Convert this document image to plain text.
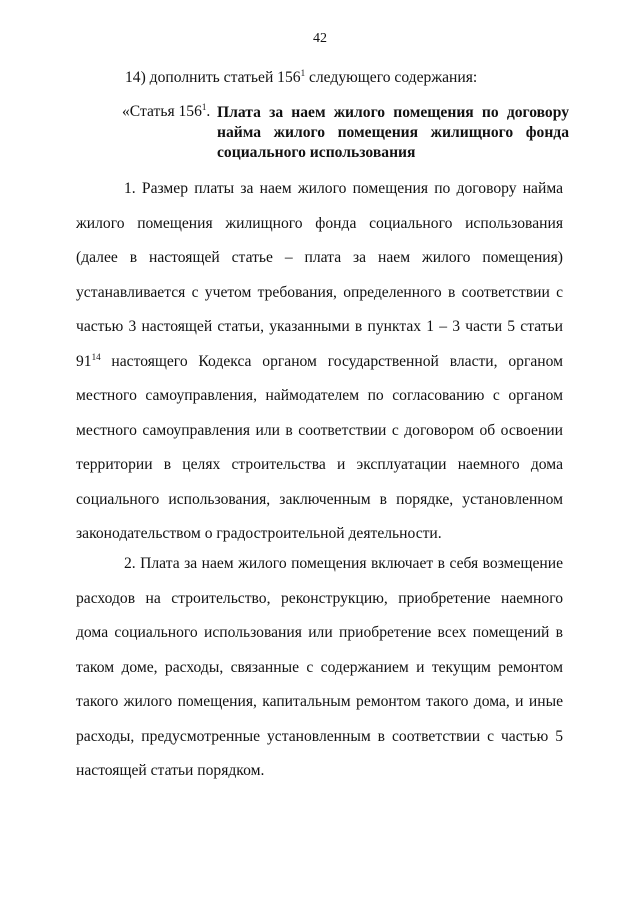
42
14) дополнить статьей $156^1$ следующего содержания:
«Статья $156^1$. Плата за наем жилого помещения по договору найма жилого помещения жилищного фонда социального использования

1. Размер платы за наем жилого помещения по договору найма жилого помещения жилищного фонда социального использования (далее в настоящей статье – плата за наем жилого помещения) устанавливается с учетом требования, определенного в соответствии с частью 3 настоящей статьи, указанными в пунктах 1 – 3 части 5 статьи $91^{14}$ настоящего Кодекса органом государственной власти, органом местного самоуправления, наймодателем по согласованию с органом местного самоуправления или в соответствии с договором об освоении территории в целях строительства и эксплуатации наемного дома социального использования, заключенным в порядке, установленном законодательством о градостроительной деятельности.

2. Плата за наем жилого помещения включает в себя возмещение расходов на строительство, реконструкцию, приобретение наемного дома социального использования или приобретение всех помещений в таком доме, расходы, связанные с содержанием и текущим ремонтом такого жилого помещения, капитальным ремонтом такого дома, и иные расходы, предусмотренные установленным в соответствии с частью 5 настоящей статьи порядком.
